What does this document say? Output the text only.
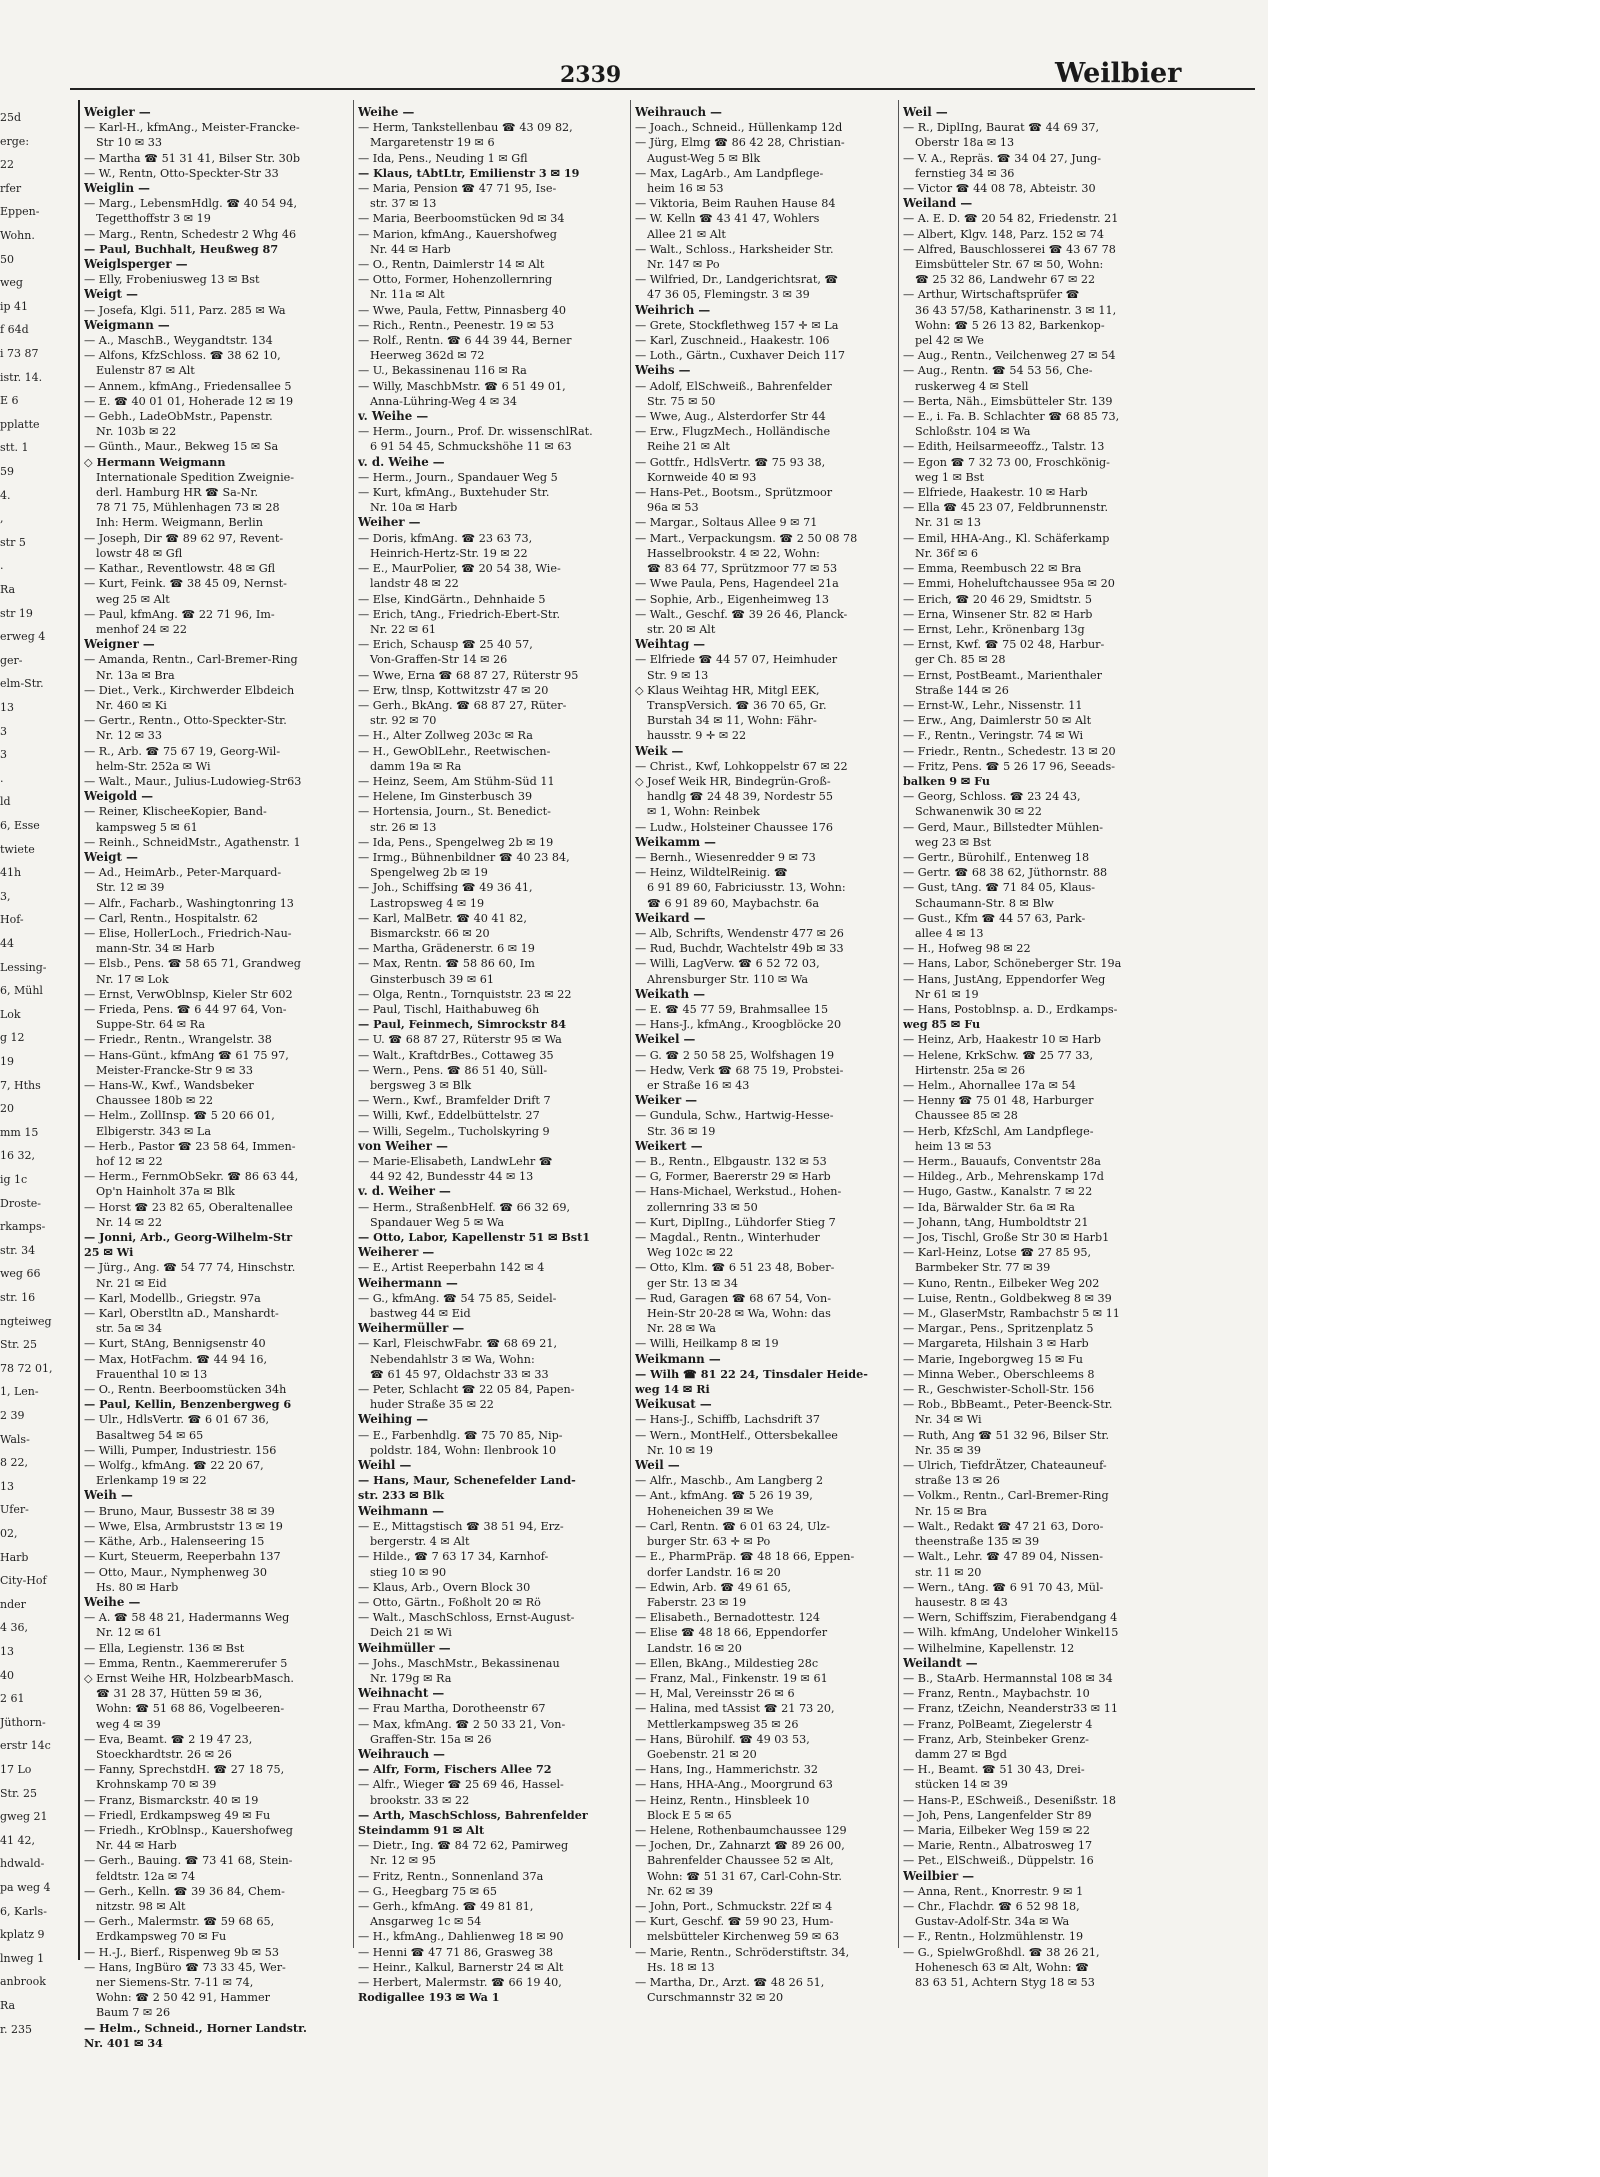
25d
erge:
22
rfer
Eppen-
Wohn.
50
weg
ip 41
f 64d
i 73 87
istr. 14.
E 6
pplatte
stt. 1
59
4.
,
str 5
.
Ra
str 19
erweg 4
ger-
elm-Str.
13
3
3
.
ld
6, Esse
twiete
41h
3,
Hof-
44
Lessing-
6, Mühl
Lok
g 12
19
7, Hths
20
mm 15
16 32,
ig 1c
Droste-
rkamps-
str. 34
weg 66
str. 16
ngteiweg
Str. 25
78 72 01,
1, Len-
2 39
Wals-
8 22,
13
Ufer-
02,
Harb
City-Hof
nder
4 36,
13
40
2 61
Jüthorn-
erstr 14c
17 Lo
Str. 25
gweg 21
41 42,
hdwald-
pa weg 4
6, Karls-
kplatz 9
lnweg 1
anbrook
Ra
r. 235
2339	Weilbier
Weigler —
— Karl-H., kfmAng., Meister-Francke-
Str 10 ✉ 33
— Martha ☎ 51 31 41, Bilser Str. 30b
— W., Rentn, Otto-Speckter-Str 33
Weiglin —
— Marg., LebensmHdlg. ☎ 40 54 94,
Tegetthoffstr 3 ✉ 19
— Marg., Rentn, Schedestr 2 Whg 46
— Paul, Buchhalt, Heußweg 87
Weiglsperger —
— Elly, Frobeniusweg 13 ✉ Bst
Weigt —
— Josefa, Klgi. 511, Parz. 285 ✉ Wa
Weigmann —
— A., MaschB., Weygandtstr. 134
— Alfons, KfzSchloss. ☎ 38 62 10,
Eulenstr 87 ✉ Alt
— Annem., kfmAng., Friedensallee 5
— E. ☎ 40 01 01, Hoherade 12 ✉ 19
— Gebh., LadeObMstr., Papenstr.
Nr. 103b ✉ 22
— Günth., Maur., Bekweg 15 ✉ Sa
◇ Hermann Weigmann
Internationale Spedition Zweignie-
derl. Hamburg HR ☎ Sa-Nr.
78 71 75, Mühlenhagen 73 ✉ 28
Inh: Herm. Weigmann, Berlin
— Joseph, Dir ☎ 89 62 97, Revent-
lowstr 48 ✉ Gfl
— Kathar., Reventlowstr. 48 ✉ Gfl
— Kurt, Feink. ☎ 38 45 09, Nernst-
weg 25 ✉ Alt
— Paul, kfmAng. ☎ 22 71 96, Im-
menhof 24 ✉ 22
Weigner —
— Amanda, Rentn., Carl-Bremer-Ring
Nr. 13a ✉ Bra
— Diet., Verk., Kirchwerder Elbdeich
Nr. 460 ✉ Ki
— Gertr., Rentn., Otto-Speckter-Str.
Nr. 12 ✉ 33
— R., Arb. ☎ 75 67 19, Georg-Wil-
helm-Str. 252a ✉ Wi
— Walt., Maur., Julius-Ludowieg-Str63
Weigold —
— Reiner, KlischeeKopier, Band-
kampsweg 5 ✉ 61
— Reinh., SchneidMstr., Agathenstr. 1
Weigt —
— Ad., HeimArb., Peter-Marquard-
Str. 12 ✉ 39
— Alfr., Facharb., Washingtonring 13
— Carl, Rentn., Hospitalstr. 62
— Elise, HollerLoch., Friedrich-Nau-
mann-Str. 34 ✉ Harb
— Elsb., Pens. ☎ 58 65 71, Grandweg
Nr. 17 ✉ Lok
— Ernst, VerwOblnsp, Kieler Str 602
— Frieda, Pens. ☎ 6 44 97 64, Von-
Suppe-Str. 64 ✉ Ra
— Friedr., Rentn., Wrangelstr. 38
— Hans-Günt., kfmAng ☎ 61 75 97,
Meister-Francke-Str 9 ✉ 33
— Hans-W., Kwf., Wandsbeker
Chaussee 180b ✉ 22
— Helm., ZollInsp. ☎ 5 20 66 01,
Elbigerstr. 343 ✉ La
— Herb., Pastor ☎ 23 58 64, Immen-
hof 12 ✉ 22
— Herm., FernmObSekr. ☎ 86 63 44,
Op'n Hainholt 37a ✉ Blk
— Horst ☎ 23 82 65, Oberaltenallee
Nr. 14 ✉ 22
— Jonni, Arb., Georg-Wilhelm-Str
25 ✉ Wi
— Jürg., Ang. ☎ 54 77 74, Hinschstr.
Nr. 21 ✉ Eid
— Karl, Modellb., Griegstr. 97a
— Karl, Oberstltn aD., Manshardt-
str. 5a ✉ 34
— Kurt, StAng, Bennigsenstr 40
— Max, HotFachm. ☎ 44 94 16,
Frauenthal 10 ✉ 13
— O., Rentn. Beerboomstücken 34h
— Paul, Kellin, Benzenbergweg 6
— Ulr., HdlsVertr. ☎ 6 01 67 36,
Basaltweg 54 ✉ 65
— Willi, Pumper, Industriestr. 156
— Wolfg., kfmAng. ☎ 22 20 67,
Erlenkamp 19 ✉ 22
Weih —
— Bruno, Maur, Bussestr 38 ✉ 39
— Wwe, Elsa, Armbruststr 13 ✉ 19
— Käthe, Arb., Halenseering 15
— Kurt, Steuerm, Reeperbahn 137
— Otto, Maur., Nymphenweg 30
Hs. 80 ✉ Harb
Weihe —
— A. ☎ 58 48 21, Hadermanns Weg
Nr. 12 ✉ 61
— Ella, Legienstr. 136 ✉ Bst
— Emma, Rentn., Kaemmererufer 5
◇ Ernst Weihe HR, HolzbearbMasch.
☎ 31 28 37, Hütten 59 ✉ 36,
Wohn: ☎ 51 68 86, Vogelbeeren-
weg 4 ✉ 39
— Eva, Beamt. ☎ 2 19 47 23,
Stoeckhardtstr. 26 ✉ 26
— Fanny, SprechstdH. ☎ 27 18 75,
Krohnskamp 70 ✉ 39
— Franz, Bismarckstr. 40 ✉ 19
— Friedl, Erdkampsweg 49 ✉ Fu
— Friedh., KrOblnsp., Kauershofweg
Nr. 44 ✉ Harb
— Gerh., Bauing. ☎ 73 41 68, Stein-
feldtstr. 12a ✉ 74
— Gerh., Kelln. ☎ 39 36 84, Chem-
nitzstr. 98 ✉ Alt
— Gerh., Malermstr. ☎ 59 68 65,
Erdkampsweg 70 ✉ Fu
— H.-J., Bierf., Rispenweg 9b ✉ 53
— Hans, IngBüro ☎ 73 33 45, Wer-
ner Siemens-Str. 7-11 ✉ 74,
Wohn: ☎ 2 50 42 91, Hammer
Baum 7 ✉ 26
— Helm., Schneid., Horner Landstr.
Nr. 401 ✉ 34
Weihe —
— Herm, Tankstellenbau ☎ 43 09 82,
Margaretenstr 19 ✉ 6
— Ida, Pens., Neuding 1 ✉ Gfl
— Klaus, tAbtLtr, Emilienstr 3 ✉ 19
— Maria, Pension ☎ 47 71 95, Ise-
str. 37 ✉ 13
— Maria, Beerboomstücken 9d ✉ 34
— Marion, kfmAng., Kauershofweg
Nr. 44 ✉ Harb
— O., Rentn, Daimlerstr 14 ✉ Alt
— Otto, Former, Hohenzollernring
Nr. 11a ✉ Alt
— Wwe, Paula, Fettw, Pinnasberg 40
— Rich., Rentn., Peenestr. 19 ✉ 53
— Rolf., Rentn. ☎ 6 44 39 44, Berner
Heerweg 362d ✉ 72
— U., Bekassinenau 116 ✉ Ra
— Willy, MaschbMstr. ☎ 6 51 49 01,
Anna-Lühring-Weg 4 ✉ 34
v. Weihe —
— Herm., Journ., Prof. Dr. wissenschlRat.
6 91 54 45, Schmuckshöhe 11 ✉ 63
v. d. Weihe —
— Herm., Journ., Spandauer Weg 5
— Kurt, kfmAng., Buxtehuder Str.
Nr. 10a ✉ Harb
Weiher —
— Doris, kfmAng. ☎ 23 63 73,
Heinrich-Hertz-Str. 19 ✉ 22
— E., MaurPolier, ☎ 20 54 38, Wie-
landstr 48 ✉ 22
— Else, KindGärtn., Dehnhaide 5
— Erich, tAng., Friedrich-Ebert-Str.
Nr. 22 ✉ 61
— Erich, Schausp ☎ 25 40 57,
Von-Graffen-Str 14 ✉ 26
— Wwe, Erna ☎ 68 87 27, Rüterstr 95
— Erw, tlnsp, Kottwitzstr 47 ✉ 20
— Gerh., BkAng. ☎ 68 87 27, Rüter-
str. 92 ✉ 70
— H., Alter Zollweg 203c ✉ Ra
— H., GewOblLehr., Reetwischen-
damm 19a ✉ Ra
— Heinz, Seem, Am Stühm-Süd 11
— Helene, Im Ginsterbusch 39
— Hortensia, Journ., St. Benedict-
str. 26 ✉ 13
— Ida, Pens., Spengelweg 2b ✉ 19
— Irmg., Bühnenbildner ☎ 40 23 84,
Spengelweg 2b ✉ 19
— Joh., Schiffsing ☎ 49 36 41,
Lastropsweg 4 ✉ 19
— Karl, MalBetr. ☎ 40 41 82,
Bismarckstr. 66 ✉ 20
— Martha, Grädenerstr. 6 ✉ 19
— Max, Rentn. ☎ 58 86 60, Im
Ginsterbusch 39 ✉ 61
— Olga, Rentn., Tornquiststr. 23 ✉ 22
— Paul, Tischl, Haithabuweg 6h
— Paul, Feinmech, Simrockstr 84
— U. ☎ 68 87 27, Rüterstr 95 ✉ Wa
— Walt., KraftdrBes., Cottaweg 35
— Wern., Pens. ☎ 86 51 40, Süll-
bergsweg 3 ✉ Blk
— Wern., Kwf., Bramfelder Drift 7
— Willi, Kwf., Eddelbüttelstr. 27
— Willi, Segelm., Tucholskyring 9
von Weiher —
— Marie-Elisabeth, LandwLehr ☎
44 92 42, Bundesstr 44 ✉ 13
v. d. Weiher —
— Herm., StraßenbHelf. ☎ 66 32 69,
Spandauer Weg 5 ✉ Wa
— Otto, Labor, Kapellenstr 51 ✉ Bst1
Weiherer —
— E., Artist Reeperbahn 142 ✉ 4
Weihermann —
— G., kfmAng. ☎ 54 75 85, Seidel-
bastweg 44 ✉ Eid
Weihermüller —
— Karl, FleischwFabr. ☎ 68 69 21,
Nebendahlstr 3 ✉ Wa, Wohn:
☎ 61 45 97, Oldachstr 33 ✉ 33
— Peter, Schlacht ☎ 22 05 84, Papen-
huder Straße 35 ✉ 22
Weihing —
— E., Farbenhdlg. ☎ 75 70 85, Nip-
poldstr. 184, Wohn: Ilenbrook 10
Weihl —
— Hans, Maur, Schenefelder Land-
str. 233 ✉ Blk
Weihmann —
— E., Mittagstisch ☎ 38 51 94, Erz-
bergerstr. 4 ✉ Alt
— Hilde., ☎ 7 63 17 34, Karnhof-
stieg 10 ✉ 90
— Klaus, Arb., Overn Block 30
— Otto, Gärtn., Foßholt 20 ✉ Rö
— Walt., MaschSchloss, Ernst-August-
Deich 21 ✉ Wi
Weihmüller —
— Johs., MaschMstr., Bekassinenau
Nr. 179g ✉ Ra
Weihnacht —
— Frau Martha, Dorotheenstr 67
— Max, kfmAng. ☎ 2 50 33 21, Von-
Graffen-Str. 15a ✉ 26
Weihrauch —
— Alfr, Form, Fischers Allee 72
— Alfr., Wieger ☎ 25 69 46, Hassel-
brookstr. 33 ✉ 22
— Arth, MaschSchloss, Bahrenfelder
Steindamm 91 ✉ Alt
— Dietr., Ing. ☎ 84 72 62, Pamirweg
Nr. 12 ✉ 95
— Fritz, Rentn., Sonnenland 37a
— G., Heegbarg 75 ✉ 65
— Gerh., kfmAng. ☎ 49 81 81,
Ansgarweg 1c ✉ 54
— H., kfmAng., Dahlienweg 18 ✉ 90
— Henni ☎ 47 71 86, Grasweg 38
— Heinr., Kalkul, Barnerstr 24 ✉ Alt
— Herbert, Malermstr. ☎ 66 19 40,
Rodigallee 193 ✉ Wa 1
Weihrauch —
— Joach., Schneid., Hüllenkamp 12d
— Jürg, Elmg ☎ 86 42 28, Christian-
August-Weg 5 ✉ Blk
— Max, LagArb., Am Landpflege-
heim 16 ✉ 53
— Viktoria, Beim Rauhen Hause 84
— W. Kelln ☎ 43 41 47, Wohlers
Allee 21 ✉ Alt
— Walt., Schloss., Harksheider Str.
Nr. 147 ✉ Po
— Wilfried, Dr., Landgerichtsrat, ☎
47 36 05, Flemingstr. 3 ✉ 39
Weihrich —
— Grete, Stockflethweg 157 ✛ ✉ La
— Karl, Zuschneid., Haakestr. 106
— Loth., Gärtn., Cuxhaver Deich 117
Weihs —
— Adolf, ElSchweiß., Bahrenfelder
Str. 75 ✉ 50
— Wwe, Aug., Alsterdorfer Str 44
— Erw., FlugzMech., Holländische
Reihe 21 ✉ Alt
— Gottfr., HdlsVertr. ☎ 75 93 38,
Kornweide 40 ✉ 93
— Hans-Pet., Bootsm., Sprützmoor
96a ✉ 53
— Margar., Soltaus Allee 9 ✉ 71
— Mart., Verpackungsm. ☎ 2 50 08 78
Hasselbrookstr. 4 ✉ 22, Wohn:
☎ 83 64 77, Sprützmoor 77 ✉ 53
— Wwe Paula, Pens, Hagendeel 21a
— Sophie, Arb., Eigenheimweg 13
— Walt., Geschf. ☎ 39 26 46, Planck-
str. 20 ✉ Alt
Weihtag —
— Elfriede ☎ 44 57 07, Heimhuder
Str. 9 ✉ 13
◇ Klaus Weihtag HR, Mitgl EEK,
TranspVersich. ☎ 36 70 65, Gr.
Burstah 34 ✉ 11, Wohn: Fähr-
hausstr. 9 ✛ ✉ 22
Weik —
— Christ., Kwf, Lohkoppelstr 67 ✉ 22
◇ Josef Weik HR, Bindegrün-Groß-
handlg ☎ 24 48 39, Nordestr 55
✉ 1, Wohn: Reinbek
— Ludw., Holsteiner Chaussee 176
Weikamm —
— Bernh., Wiesenredder 9 ✉ 73
— Heinz, WildtelReinig. ☎
6 91 89 60, Fabriciusstr. 13, Wohn:
☎ 6 91 89 60, Maybachstr. 6a
Weikard —
— Alb, Schrifts, Wendenstr 477 ✉ 26
— Rud, Buchdr, Wachtelstr 49b ✉ 33
— Willi, LagVerw. ☎ 6 52 72 03,
Ahrensburger Str. 110 ✉ Wa
Weikath —
— E. ☎ 45 77 59, Brahmsallee 15
— Hans-J., kfmAng., Kroogblöcke 20
Weikel —
— G. ☎ 2 50 58 25, Wolfshagen 19
— Hedw, Verk ☎ 68 75 19, Probstei-
er Straße 16 ✉ 43
Weiker —
— Gundula, Schw., Hartwig-Hesse-
Str. 36 ✉ 19
Weikert —
— B., Rentn., Elbgaustr. 132 ✉ 53
— G, Former, Baererstr 29 ✉ Harb
— Hans-Michael, Werkstud., Hohen-
zollernring 33 ✉ 50
— Kurt, DiplIng., Lühdorfer Stieg 7
— Magdal., Rentn., Winterhuder
Weg 102c ✉ 22
— Otto, Klm. ☎ 6 51 23 48, Bober-
ger Str. 13 ✉ 34
— Rud, Garagen ☎ 68 67 54, Von-
Hein-Str 20-28 ✉ Wa, Wohn: das
Nr. 28 ✉ Wa
— Willi, Heilkamp 8 ✉ 19
Weikmann —
— Wilh ☎ 81 22 24, Tinsdaler Heide-
weg 14 ✉ Ri
Weikusat —
— Hans-J., Schiffb, Lachsdrift 37
— Wern., MontHelf., Ottersbekallee
Nr. 10 ✉ 19
Weil —
— Alfr., Maschb., Am Langberg 2
— Ant., kfmAng. ☎ 5 26 19 39,
Hoheneichen 39 ✉ We
— Carl, Rentn. ☎ 6 01 63 24, Ulz-
burger Str. 63 ✛ ✉ Po
— E., PharmPräp. ☎ 48 18 66, Eppen-
dorfer Landstr. 16 ✉ 20
— Edwin, Arb. ☎ 49 61 65,
Faberstr. 23 ✉ 19
— Elisabeth., Bernadottestr. 124
— Elise ☎ 48 18 66, Eppendorfer
Landstr. 16 ✉ 20
— Ellen, BkAng., Mildestieg 28c
— Franz, Mal., Finkenstr. 19 ✉ 61
— H, Mal, Vereinsstr 26 ✉ 6
— Halina, med tAssist ☎ 21 73 20,
Mettlerkampsweg 35 ✉ 26
— Hans, Bürohilf. ☎ 49 03 53,
Goebenstr. 21 ✉ 20
— Hans, Ing., Hammerichstr. 32
— Hans, HHA-Ang., Moorgrund 63
— Heinz, Rentn., Hinsbleek 10
Block E 5 ✉ 65
— Helene, Rothenbaumchaussee 129
— Jochen, Dr., Zahnarzt ☎ 89 26 00,
Bahrenfelder Chaussee 52 ✉ Alt,
Wohn: ☎ 51 31 67, Carl-Cohn-Str.
Nr. 62 ✉ 39
— John, Port., Schmuckstr. 22f ✉ 4
— Kurt, Geschf. ☎ 59 90 23, Hum-
melsbütteler Kirchenweg 59 ✉ 63
— Marie, Rentn., Schröderstiftstr. 34,
Hs. 18 ✉ 13
— Martha, Dr., Arzt. ☎ 48 26 51,
Curschmannstr 32 ✉ 20
Weil —
— R., DiplIng, Baurat ☎ 44 69 37,
Oberstr 18a ✉ 13
— V. A., Repräs. ☎ 34 04 27, Jung-
fernstieg 34 ✉ 36
— Victor ☎ 44 08 78, Abteistr. 30
Weiland —
— A. E. D. ☎ 20 54 82, Friedenstr. 21
— Albert, Klgv. 148, Parz. 152 ✉ 74
— Alfred, Bauschlosserei ☎ 43 67 78
Eimsbütteler Str. 67 ✉ 50, Wohn:
☎ 25 32 86, Landwehr 67 ✉ 22
— Arthur, Wirtschaftsprüfer ☎
36 43 57/58, Katharinenstr. 3 ✉ 11,
Wohn: ☎ 5 26 13 82, Barkenkop-
pel 42 ✉ We
— Aug., Rentn., Veilchenweg 27 ✉ 54
— Aug., Rentn. ☎ 54 53 56, Che-
ruskerweg 4 ✉ Stell
— Berta, Näh., Eimsbütteler Str. 139
— E., i. Fa. B. Schlachter ☎ 68 85 73,
Schloßstr. 104 ✉ Wa
— Edith, Heilsarmeeoffz., Talstr. 13
— Egon ☎ 7 32 73 00, Froschkönig-
weg 1 ✉ Bst
— Elfriede, Haakestr. 10 ✉ Harb
— Ella ☎ 45 23 07, Feldbrunnenstr.
Nr. 31 ✉ 13
— Emil, HHA-Ang., Kl. Schäferkamp
Nr. 36f ✉ 6
— Emma, Reembusch 22 ✉ Bra
— Emmi, Hoheluftchaussee 95a ✉ 20
— Erich, ☎ 20 46 29, Smidtstr. 5
— Erna, Winsener Str. 82 ✉ Harb
— Ernst, Lehr., Krönenbarg 13g
— Ernst, Kwf. ☎ 75 02 48, Harbur-
ger Ch. 85 ✉ 28
— Ernst, PostBeamt., Marienthaler
Straße 144 ✉ 26
— Ernst-W., Lehr., Nissenstr. 11
— Erw., Ang, Daimlerstr 50 ✉ Alt
— F., Rentn., Veringstr. 74 ✉ Wi
— Friedr., Rentn., Schedestr. 13 ✉ 20
— Fritz, Pens. ☎ 5 26 17 96, Seeads-
balken 9 ✉ Fu
— Georg, Schloss. ☎ 23 24 43,
Schwanenwik 30 ✉ 22
— Gerd, Maur., Billstedter Mühlen-
weg 23 ✉ Bst
— Gertr., Bürohilf., Entenweg 18
— Gertr. ☎ 68 38 62, Jüthornstr. 88
— Gust, tAng. ☎ 71 84 05, Klaus-
Schaumann-Str. 8 ✉ Blw
— Gust., Kfm ☎ 44 57 63, Park-
allee 4 ✉ 13
— H., Hofweg 98 ✉ 22
— Hans, Labor, Schöneberger Str. 19a
— Hans, JustAng, Eppendorfer Weg
Nr 61 ✉ 19
— Hans, Postoblnsp. a. D., Erdkamps-
weg 85 ✉ Fu
— Heinz, Arb, Haakestr 10 ✉ Harb
— Helene, KrkSchw. ☎ 25 77 33,
Hirtenstr. 25a ✉ 26
— Helm., Ahornallee 17a ✉ 54
— Henny ☎ 75 01 48, Harburger
Chaussee 85 ✉ 28
— Herb, KfzSchl, Am Landpflege-
heim 13 ✉ 53
— Herm., Bauaufs, Conventstr 28a
— Hildeg., Arb., Mehrenskamp 17d
— Hugo, Gastw., Kanalstr. 7 ✉ 22
— Ida, Bärwalder Str. 6a ✉ Ra
— Johann, tAng, Humboldtstr 21
— Jos, Tischl, Große Str 30 ✉ Harb1
— Karl-Heinz, Lotse ☎ 27 85 95,
Barmbeker Str. 77 ✉ 39
— Kuno, Rentn., Eilbeker Weg 202
— Luise, Rentn., Goldbekweg 8 ✉ 39
— M., GlaserMstr, Rambachstr 5 ✉ 11
— Margar., Pens., Spritzenplatz 5
— Margareta, Hilshain 3 ✉ Harb
— Marie, Ingeborgweg 15 ✉ Fu
— Minna Weber., Oberschleems 8
— R., Geschwister-Scholl-Str. 156
— Rob., BbBeamt., Peter-Beenck-Str.
Nr. 34 ✉ Wi
— Ruth, Ang ☎ 51 32 96, Bilser Str.
Nr. 35 ✉ 39
— Ulrich, TiefdrÄtzer, Chateauneuf-
straße 13 ✉ 26
— Volkm., Rentn., Carl-Bremer-Ring
Nr. 15 ✉ Bra
— Walt., Redakt ☎ 47 21 63, Doro-
theenstraße 135 ✉ 39
— Walt., Lehr. ☎ 47 89 04, Nissen-
str. 11 ✉ 20
— Wern., tAng. ☎ 6 91 70 43, Mül-
hausestr. 8 ✉ 43
— Wern, Schiffszim, Fierabendgang 4
— Wilh. kfmAng, Undeloher Winkel15
— Wilhelmine, Kapellenstr. 12
Weilandt —
— B., StaArb. Hermannstal 108 ✉ 34
— Franz, Rentn., Maybachstr. 10
— Franz, tZeichn, Neanderstr33 ✉ 11
— Franz, PolBeamt, Ziegelerstr 4
— Franz, Arb, Steinbeker Grenz-
damm 27 ✉ Bgd
— H., Beamt. ☎ 51 30 43, Drei-
stücken 14 ✉ 39
— Hans-P., ESchweiß., Desenißstr. 18
— Joh, Pens, Langenfelder Str 89
— Maria, Eilbeker Weg 159 ✉ 22
— Marie, Rentn., Albatrosweg 17
— Pet., ElSchweiß., Düppelstr. 16
Weilbier —
— Anna, Rent., Knorrestr. 9 ✉ 1
— Chr., Flachdr. ☎ 6 52 98 18,
Gustav-Adolf-Str. 34a ✉ Wa
— F., Rentn., Holzmühlenstr. 19
— G., SpielwGroßhdl. ☎ 38 26 21,
Hohenesch 63 ✉ Alt, Wohn: ☎
83 63 51, Achtern Styg 18 ✉ 53
